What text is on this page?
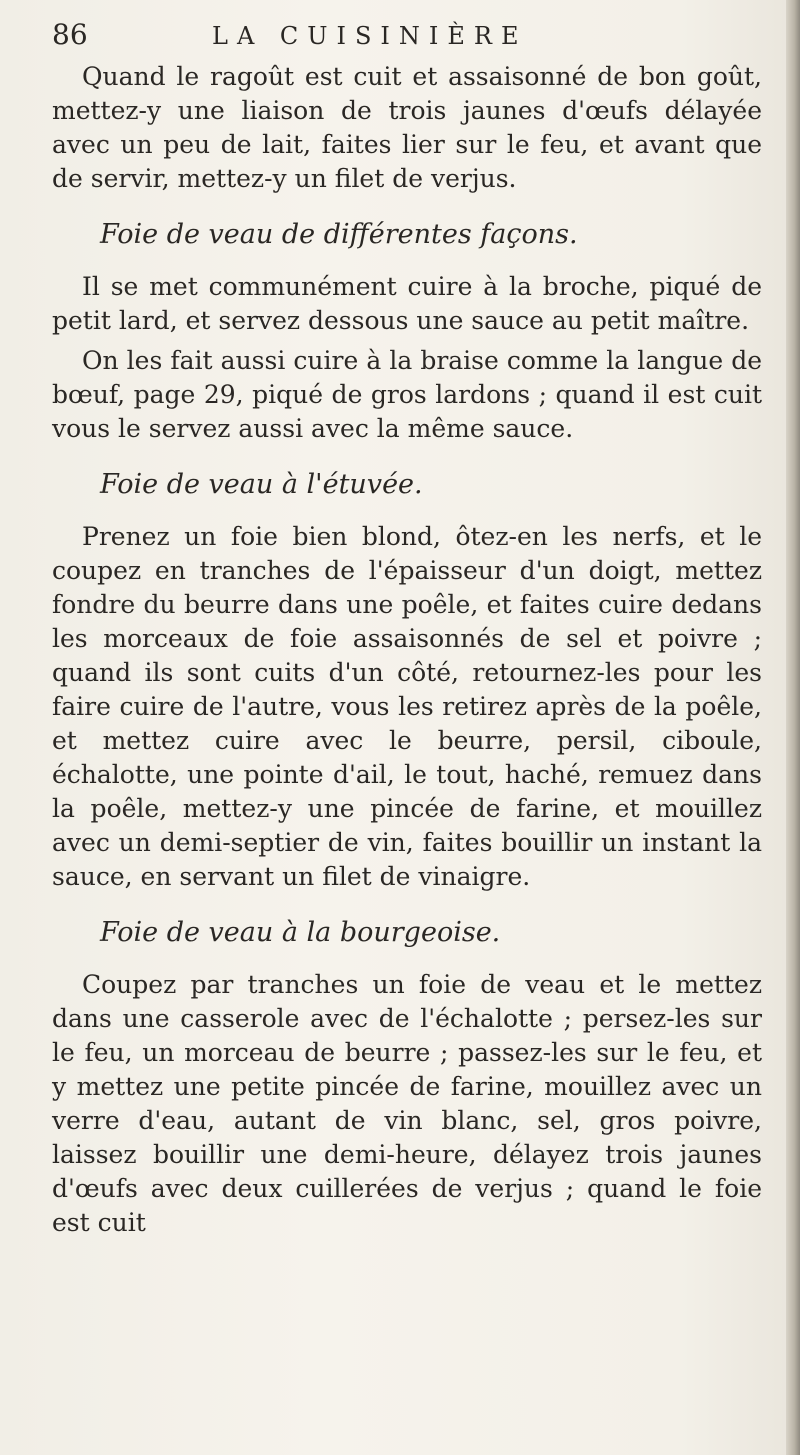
86	LA CUISINIÈRE

Quand le ragoût est cuit et assaisonné de bon goût, mettez-y une liaison de trois jaunes d'œufs délayée avec un peu de lait, faites lier sur le feu, et avant que de servir, mettez-y un filet de verjus.

Foie de veau de différentes façons.

Il se met communément cuire à la broche, piqué de petit lard, et servez dessous une sauce au petit maître.

On les fait aussi cuire à la braise comme la langue de bœuf, page 29, piqué de gros lardons ; quand il est cuit vous le servez aussi avec la même sauce.

Foie de veau à l'étuvée.

Prenez un foie bien blond, ôtez-en les nerfs, et le coupez en tranches de l'épaisseur d'un doigt, mettez fondre du beurre dans une poêle, et faites cuire dedans les morceaux de foie assaisonnés de sel et poivre ; quand ils sont cuits d'un côté, retournez-les pour les faire cuire de l'autre, vous les retirez après de la poêle, et mettez cuire avec le beurre, persil, ciboule, échalotte, une pointe d'ail, le tout, haché, remuez dans la poêle, mettez-y une pincée de farine, et mouillez avec un demi-septier de vin, faites bouillir un instant la sauce, en servant un filet de vinaigre.

Foie de veau à la bourgeoise.

Coupez par tranches un foie de veau et le mettez dans une casserole avec de l'échalotte ; persez-les sur le feu, un morceau de beurre ; passez-les sur le feu, et y mettez une petite pincée de farine, mouillez avec un verre d'eau, autant de vin blanc, sel, gros poivre, laissez bouillir une demi-heure, délayez trois jaunes d'œufs avec deux cuillerées de verjus ; quand le foie est cuit
